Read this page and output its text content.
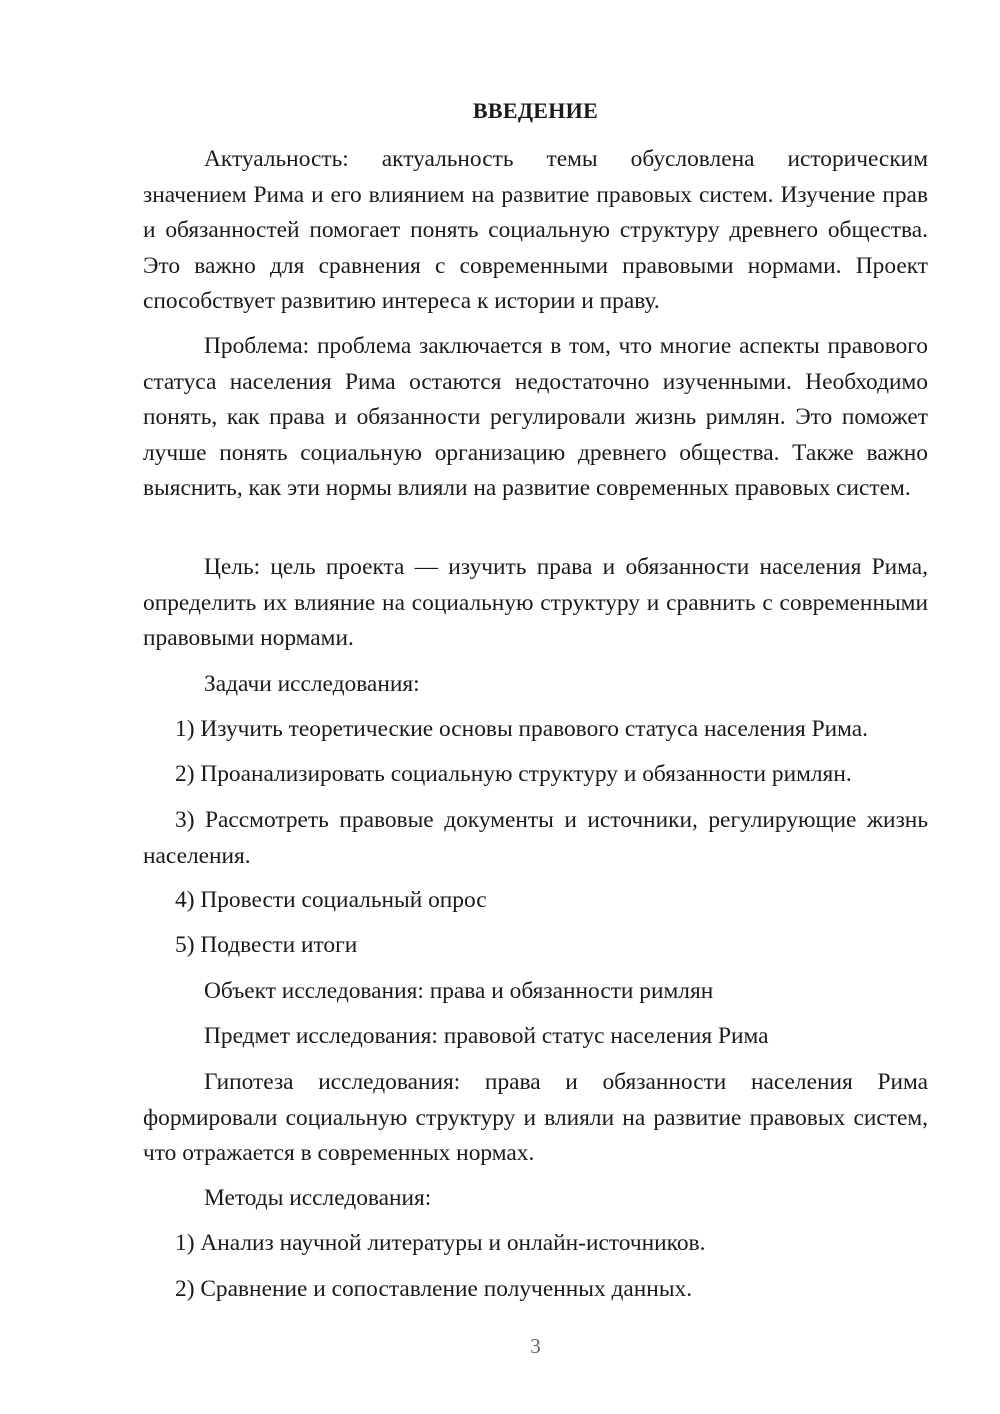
ВВЕДЕНИЕ

Актуальность: актуальность темы обусловлена историческим значением Рима и его влиянием на развитие правовых систем. Изучение прав и обязанностей помогает понять социальную структуру древнего общества. Это важно для сравнения с современными правовыми нормами. Проект способствует развитию интереса к истории и праву.

Проблема: проблема заключается в том, что многие аспекты правового статуса населения Рима остаются недостаточно изученными. Необходимо понять, как права и обязанности регулировали жизнь римлян. Это поможет лучше понять социальную организацию древнего общества. Также важно выяснить, как эти нормы влияли на развитие современных правовых систем.

Цель: цель проекта — изучить права и обязанности населения Рима, определить их влияние на социальную структуру и сравнить с современными правовыми нормами.

Задачи исследования:

1) Изучить теоретические основы правового статуса населения Рима.

2) Проанализировать социальную структуру и обязанности римлян.

3) Рассмотреть правовые документы и источники, регулирующие жизнь населения.

4) Провести социальный опрос

5) Подвести итоги

Объект исследования: права и обязанности римлян

Предмет исследования: правовой статус населения Рима

Гипотеза исследования: права и обязанности населения Рима формировали социальную структуру и влияли на развитие правовых систем, что отражается в современных нормах.

Методы исследования:

1) Анализ научной литературы и онлайн-источников.

2) Сравнение и сопоставление полученных данных.

3
